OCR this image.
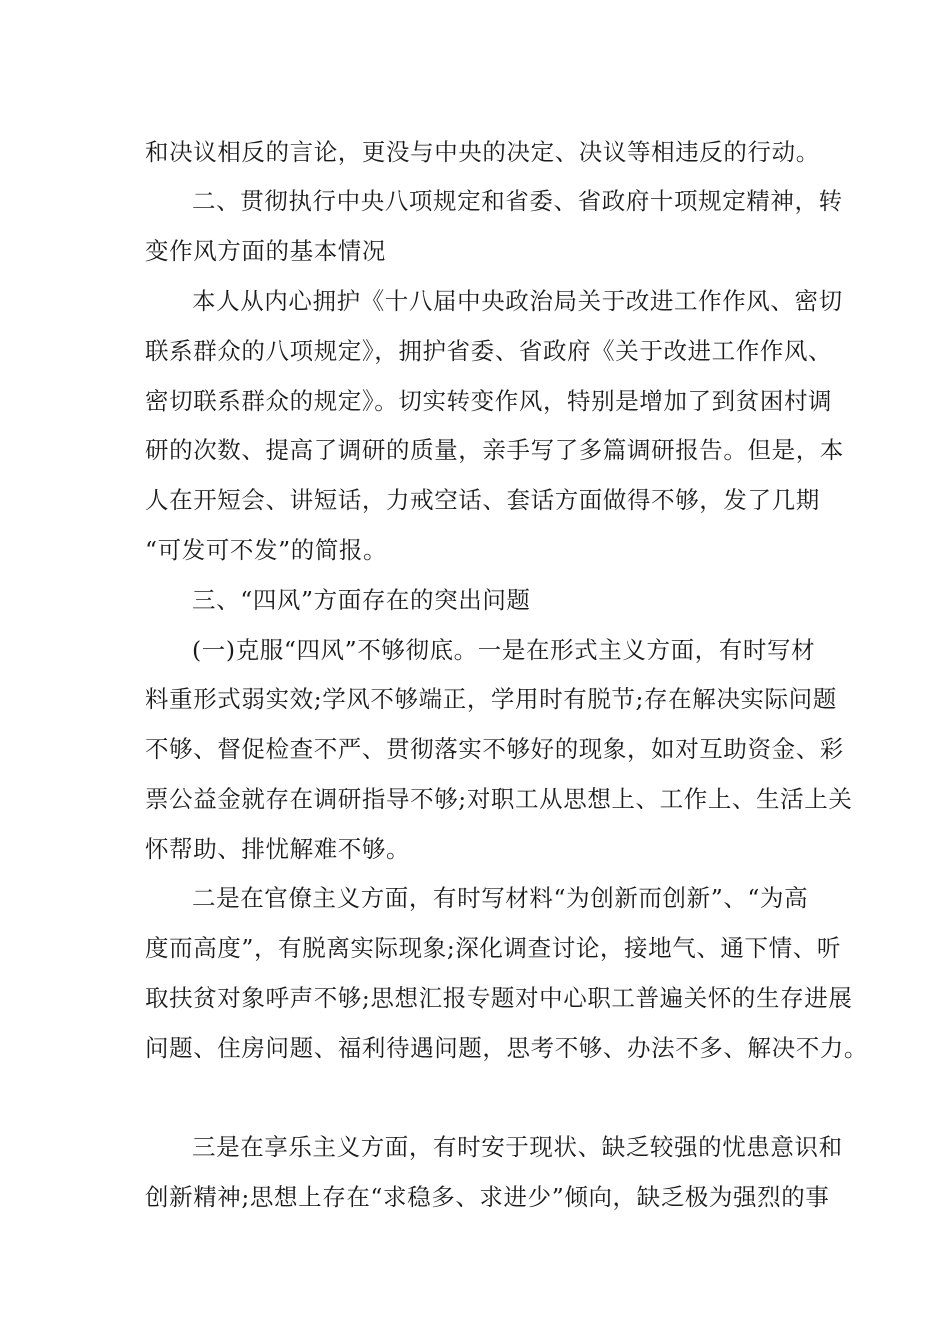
和决议相反的言论，更没与中央的决定、决议等相违反的行动。
二、贯彻执行中央八项规定和省委、省政府十项规定精神，转
变作风方面的基本情况
本人从内心拥护《十八届中央政治局关于改进工作作风、密切
联系群众的八项规定》，拥护省委、省政府《关于改进工作作风、
密切联系群众的规定》。切实转变作风，特别是增加了到贫困村调
研的次数、提高了调研的质量，亲手写了多篇调研报告。但是，本
人在开短会、讲短话，力戒空话、套话方面做得不够，发了几期
“可发可不发”的简报。
三、“四风”方面存在的突出问题
(一)克服“四风”不够彻底。一是在形式主义方面，有时写材
料重形式弱实效;学风不够端正，学用时有脱节;存在解决实际问题
不够、督促检查不严、贯彻落实不够好的现象，如对互助资金、彩
票公益金就存在调研指导不够;对职工从思想上、工作上、生活上关
怀帮助、排忧解难不够。
二是在官僚主义方面，有时写材料“为创新而创新”、“为高
度而高度”，有脱离实际现象;深化调查讨论，接地气、通下情、听
取扶贫对象呼声不够;思想汇报专题对中心职工普遍关怀的生存进展
问题、住房问题、福利待遇问题，思考不够、办法不多、解决不力。
三是在享乐主义方面，有时安于现状、缺乏较强的忧患意识和
创新精神;思想上存在“求稳多、求进少”倾向，缺乏极为强烈的事
